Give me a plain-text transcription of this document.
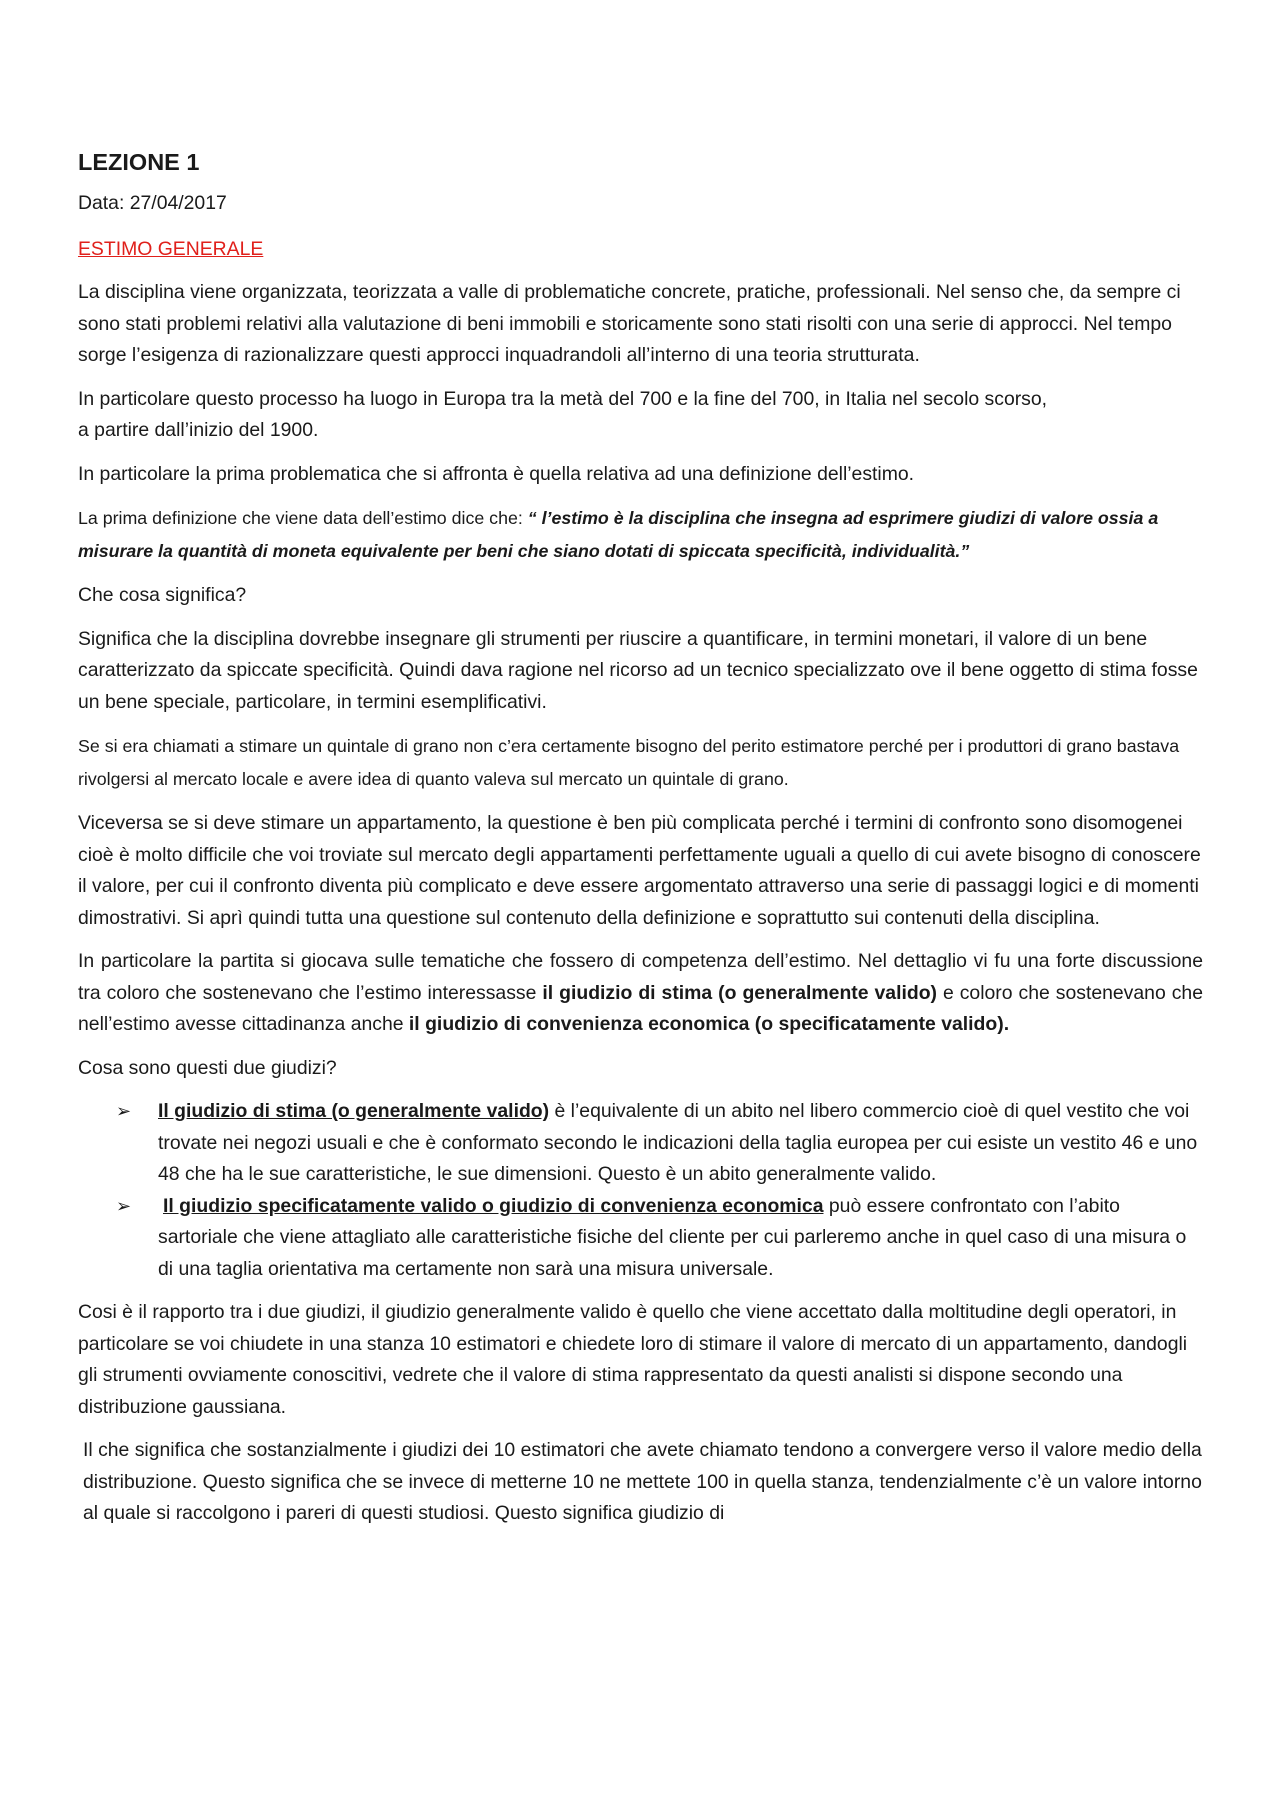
LEZIONE 1
Data: 27/04/2017
ESTIMO GENERALE

La disciplina viene organizzata, teorizzata a valle di problematiche concrete, pratiche, professionali. Nel senso che, da sempre ci sono stati problemi relativi alla valutazione di beni immobili e storicamente sono stati risolti con una serie di approcci. Nel tempo sorge l’esigenza di razionalizzare questi approcci inquadrandoli all’interno di una teoria strutturata.

In particolare questo processo ha luogo in Europa tra la metà del 700 e la fine del 700, in Italia nel secolo scorso,
a partire dall’inizio del 1900.

In particolare la prima problematica che si affronta è quella relativa ad una definizione dell’estimo.

La prima definizione che viene data dell’estimo dice che: “ l’estimo è la disciplina che insegna ad esprimere giudizi di valore ossia a misurare la quantità di moneta equivalente per beni che siano dotati di spiccata specificità, individualità.”

Che cosa significa?

Significa che la disciplina dovrebbe insegnare gli strumenti per riuscire a quantificare, in termini monetari, il valore di un bene caratterizzato da spiccate specificità. Quindi dava ragione nel ricorso ad un tecnico specializzato ove il bene oggetto di stima fosse un bene speciale, particolare, in termini esemplificativi.

Se si era chiamati a stimare un quintale di grano non c’era certamente bisogno del perito estimatore perché per i produttori di grano bastava rivolgersi al mercato locale e avere idea di quanto valeva sul mercato un quintale di grano.

Viceversa se si deve stimare un appartamento, la questione è ben più complicata perché i termini di confronto sono disomogenei cioè è molto difficile che voi troviate sul mercato degli appartamenti perfettamente uguali a quello di cui avete bisogno di conoscere il valore, per cui il confronto diventa più complicato e deve essere argomentato attraverso una serie di passaggi logici e di momenti dimostrativi. Si aprì quindi tutta una questione sul contenuto della definizione e soprattutto sui contenuti della disciplina.

In particolare la partita si giocava sulle tematiche che fossero di competenza dell’estimo. Nel dettaglio vi fu una forte discussione tra coloro che sostenevano che l’estimo interessasse il giudizio di stima (o generalmente valido) e coloro che sostenevano che nell’estimo avesse cittadinanza anche il giudizio di convenienza economica (o specificatamente valido).

Cosa sono questi due giudizi?

➢ Il giudizio di stima (o generalmente valido) è l’equivalente di un abito nel libero commercio cioè di quel vestito che voi trovate nei negozi usuali e che è conformato secondo le indicazioni della taglia europea per cui esiste un vestito 46 e uno 48 che ha le sue caratteristiche, le sue dimensioni. Questo è un abito generalmente valido.
➢ Il giudizio specificatamente valido o giudizio di convenienza economica può essere confrontato con l’abito sartoriale che viene attagliato alle caratteristiche fisiche del cliente per cui parleremo anche in quel caso di una misura o di una taglia orientativa ma certamente non sarà una misura universale.

Cosi è il rapporto tra i due giudizi, il giudizio generalmente valido è quello che viene accettato dalla moltitudine degli operatori, in particolare se voi chiudete in una stanza 10 estimatori e chiedete loro di stimare il valore di mercato di un appartamento, dandogli gli strumenti ovviamente conoscitivi, vedrete che il valore di stima rappresentato da questi analisti si dispone secondo una distribuzione gaussiana.

Il che significa che sostanzialmente i giudizi dei 10 estimatori che avete chiamato tendono a convergere verso il valore medio della distribuzione. Questo significa che se invece di metterne 10 ne mettete 100 in quella stanza, tendenzialmente c’è un valore intorno al quale si raccolgono i pareri di questi studiosi. Questo significa giudizio di
